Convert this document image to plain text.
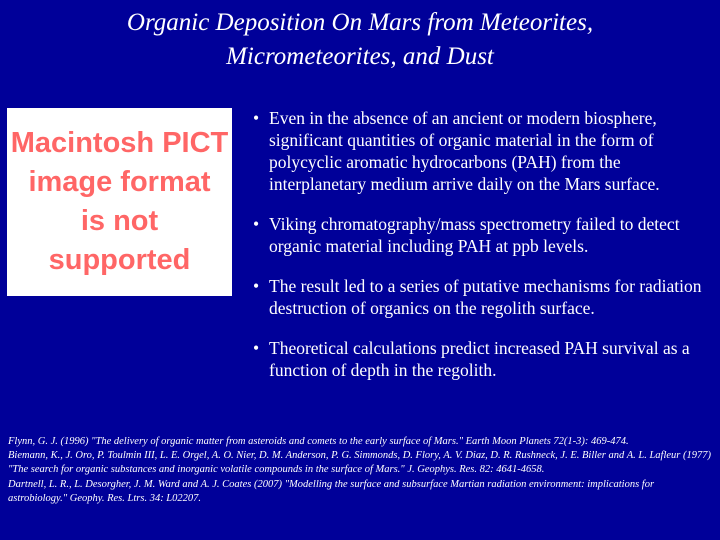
Organic Deposition On Mars from Meteorites,
Micrometeorites, and Dust
Macintosh PICT
image format
is not supported
• Even in the absence of an ancient or modern biosphere, significant quantities of organic material in the form of polycyclic aromatic hydrocarbons (PAH) from the interplanetary medium arrive daily on the Mars surface.
• Viking chromatography/mass spectrometry failed to detect organic material including PAH at ppb levels.
• The result led to a series of putative mechanisms for radiation destruction of organics on the regolith surface.
• Theoretical calculations predict increased PAH survival as a function of depth in the regolith.

Flynn, G. J. (1996) "The delivery of organic matter from asteroids and comets to the early surface of Mars." Earth Moon Planets 72(1-3): 469-474.

Biemann, K., J. Oro, P. Toulmin III, L. E. Orgel, A. O. Nier, D. M. Anderson, P. G. Simmonds, D. Flory, A. V. Diaz, D. R. Rushneck, J. E. Biller and A. L. Lafleur (1977) "The search for organic substances and inorganic volatile compounds in the surface of Mars." J. Geophys. Res. 82: 4641-4658.

Dartnell, L. R., L. Desorgher, J. M. Ward and A. J. Coates (2007) "Modelling the surface and subsurface Martian radiation environment: implications for astrobiology." Geophy. Res. Ltrs. 34: L02207.
